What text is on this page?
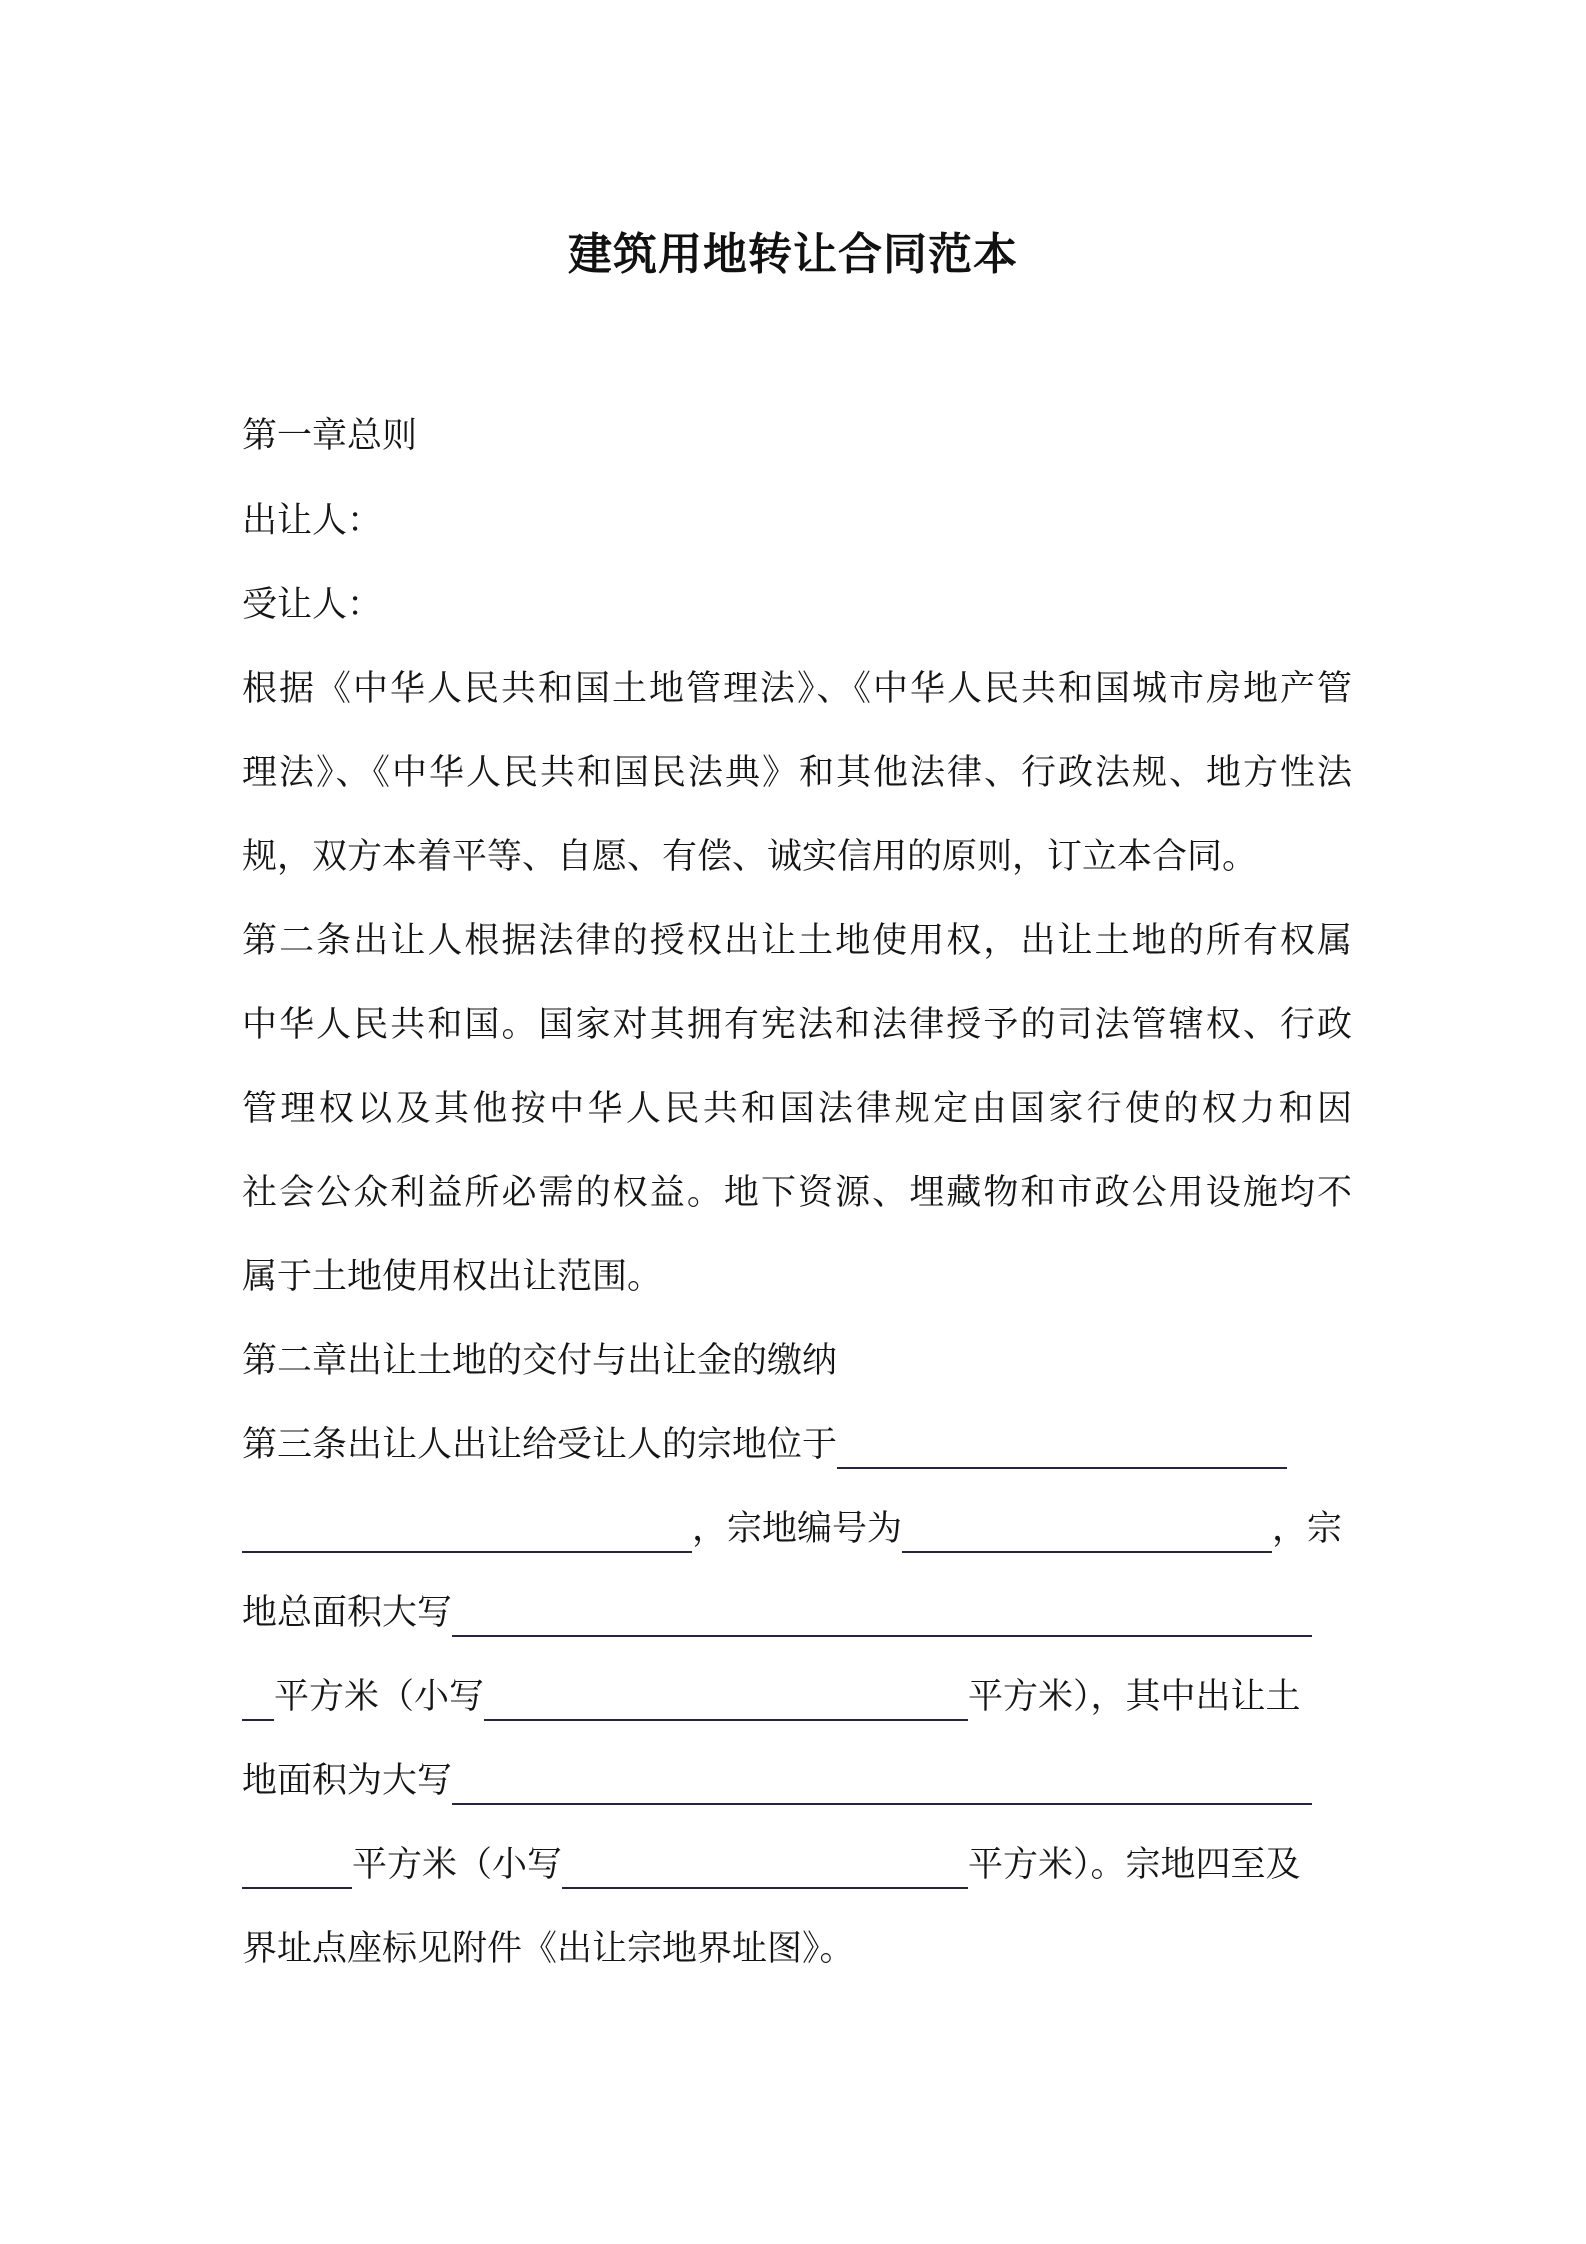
建筑用地转让合同范本
第一章总则
出让人：
受让人：
根据《中华人民共和国土地管理法》、《中华人民共和国城市房地产管
理法》、《中华人民共和国民法典》和其他法律、行政法规、地方性法
规，双方本着平等、自愿、有偿、诚实信用的原则，订立本合同。
第二条出让人根据法律的授权出让土地使用权，出让土地的所有权属
中华人民共和国。国家对其拥有宪法和法律授予的司法管辖权、行政
管理权以及其他按中华人民共和国法律规定由国家行使的权力和因
社会公众利益所必需的权益。地下资源、埋藏物和市政公用设施均不
属于土地使用权出让范围。
第二章出让土地的交付与出让金的缴纳
第三条出让人出让给受让人的宗地位于
，宗地编号为	，宗
地总面积大写
平方米（小写	平方米），其中出让土
地面积为大写
平方米（小写	平方米）。宗地四至及
界址点座标见附件《出让宗地界址图》。
